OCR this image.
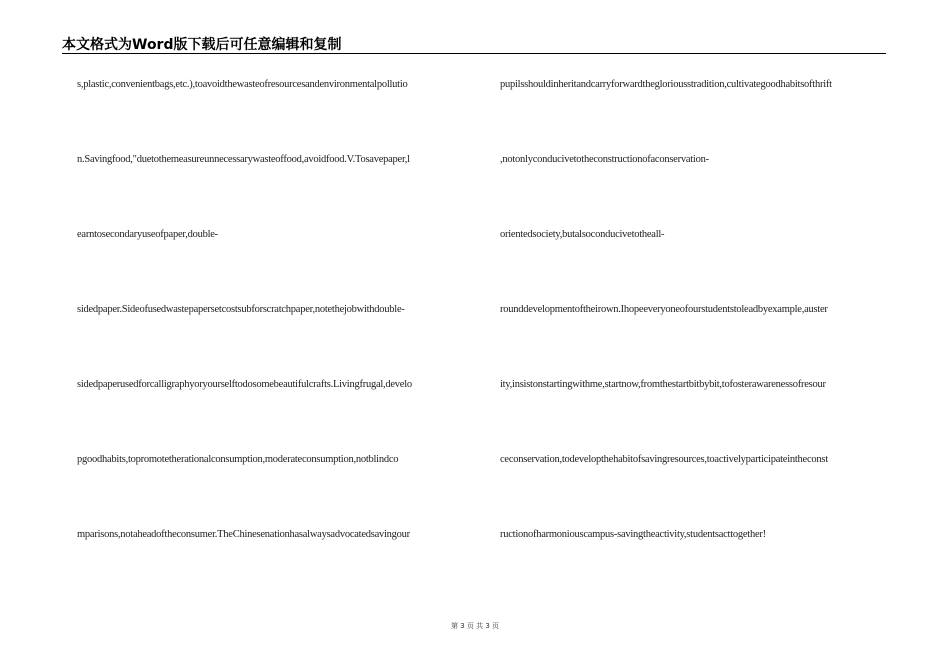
本文格式为Word版下载后可任意编辑和复制
s,plastic,convenientbags,etc.),toavoidthewasteofresourcesandenvironmentalpollutio
n.Savingfood,"duetothemeasureunnecessarywasteoffood,avoidfood.V.Tosavepaper,l
earntosecondaryuseofpaper,double-
sidedpaper.Sideofusedwastepapersetcostsubforscratchpaper,notethejobwithdouble-
sidedpaperusedforcalligraphyoryourselftodosomebeautifulcrafts.Livingfrugal,develo
pgoodhabits,topromotetherationalconsumption,moderateconsumption,notblindco
mparisons,notaheadoftheconsumer.TheChinesenationhasalwaysadvocatedsavingour
pupilsshouldinheritandcarryforwardthegloriousstradition,cultivategoodhabitsofthrift
,notonlyconducivetotheconstructionofaconservation-
orientedsociety,butalsoconducivetotheall-
rounddevelopmentoftheirown.Ihopeeveryoneofourstudentstoleadbyexample,auster
ity,insistonstartingwithme,startnow,fromthestartbitbybit,tofosterawarenessofresour
ceconservation,todevelopthehabitofsavingresources,toactivelyparticipateintheconst
ructionofharmoniouscampus-savingtheactivity,studentsacttogether!
第 3 页 共 3 页
